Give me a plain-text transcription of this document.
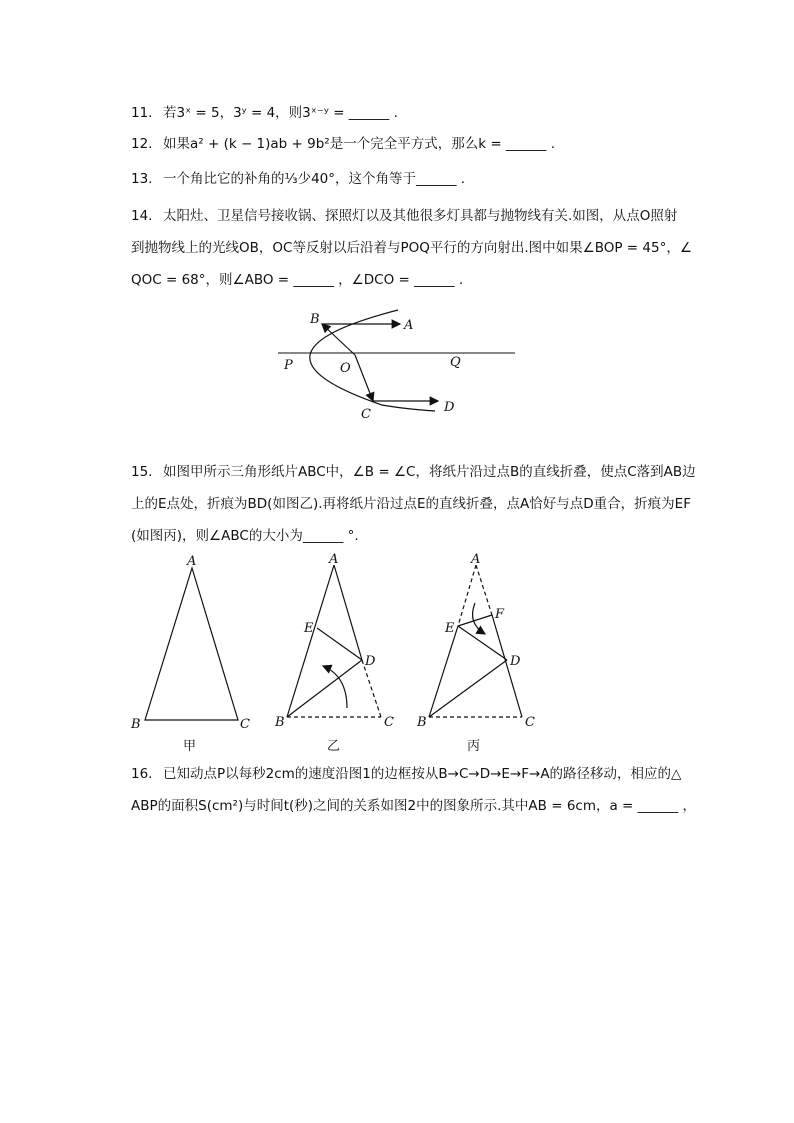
11. 若3ˣ = 5，3ʸ = 4，则3ˣ⁻ʸ = ______ .
12. 如果a² + (k − 1)ab + 9b²是一个完全平方式，那么k = ______ .
13. 一个角比它的补角的⅓少40°，这个角等于______ .
14. 太阳灶、卫星信号接收锅、探照灯以及其他很多灯具都与抛物线有关.如图，从点O照射
到抛物线上的光线OB，OC等反射以后沿着与POQ平行的方向射出.图中如果∠BOP = 45°，∠
QOC = 68°，则∠ABO = ______ ，∠DCO = ______ .
B	A
P	O	Q
C	D
15. 如图甲所示三角形纸片ABC中，∠B = ∠C，将纸片沿过点B的直线折叠，使点C落到AB边
上的E点处，折痕为BD(如图乙).再将纸片沿过点E的直线折叠，点A恰好与点D重合，折痕为EF
(如图丙)，则∠ABC的大小为______ °.
A
B	C
甲
A
E
D
B	C
乙
A
F
E
D
B	C
丙
16. 已知动点P以每秒2cm的速度沿图1的边框按从B→C→D→E→F→A的路径移动，相应的△
ABP的面积S(cm²)与时间t(秒)之间的关系如图2中的图象所示.其中AB = 6cm，a = ______ ，
